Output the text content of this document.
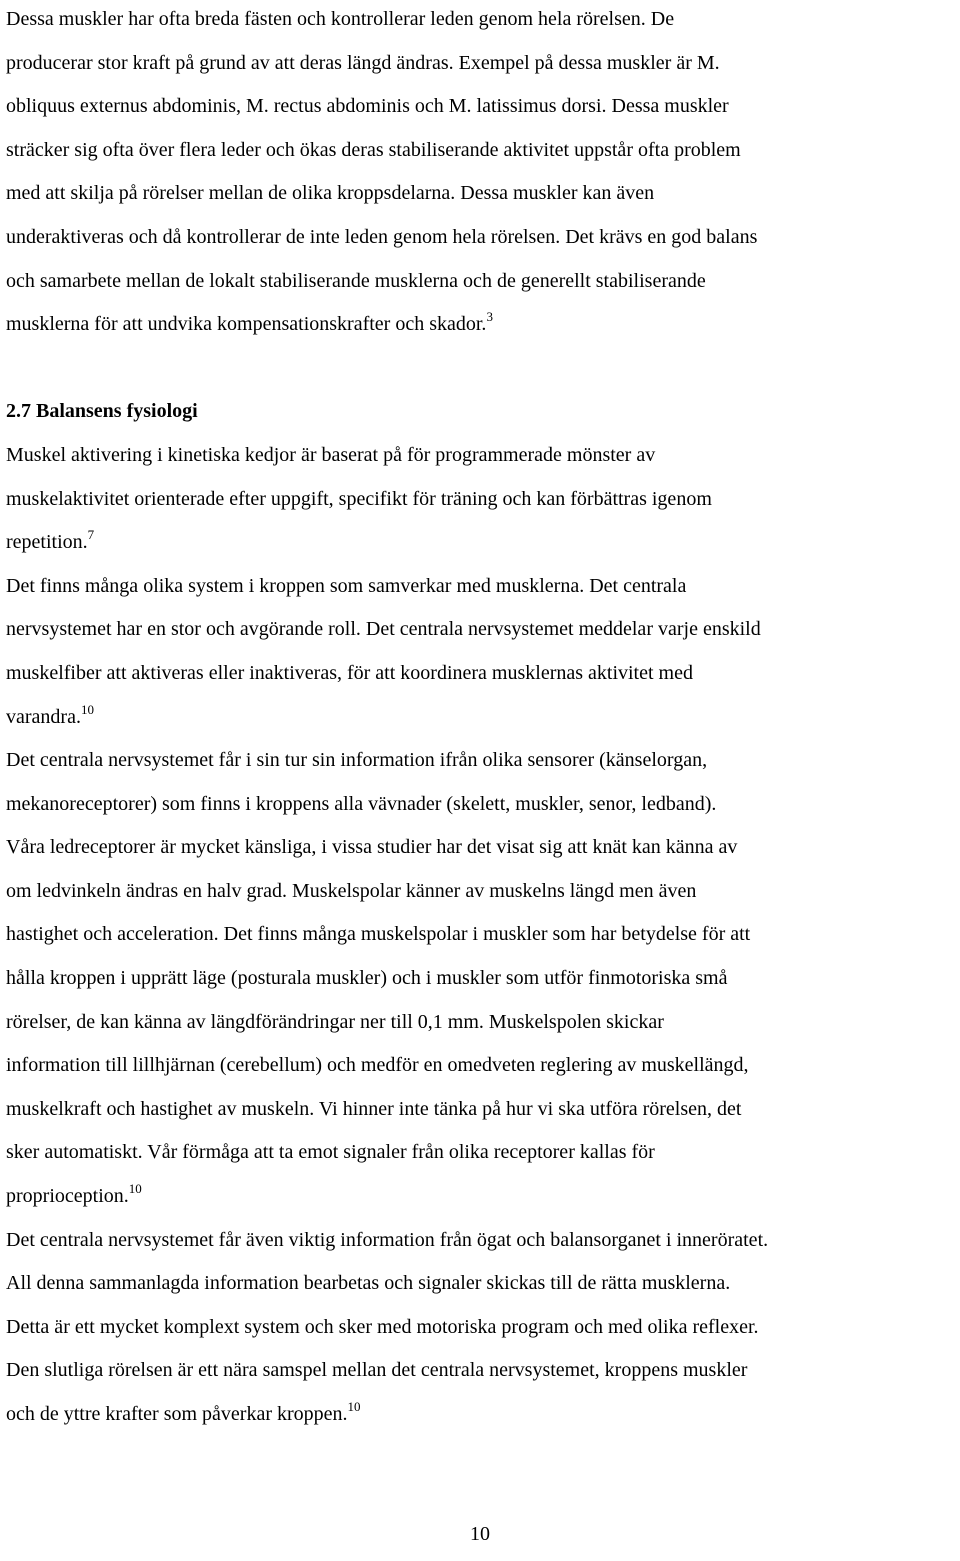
Dessa muskler har ofta breda fästen och kontrollerar leden genom hela rörelsen. De
producerar stor kraft på grund av att deras längd ändras. Exempel på dessa muskler är M.
obliquus externus abdominis, M. rectus abdominis och M. latissimus dorsi. Dessa muskler
sträcker sig ofta över flera leder och ökas deras stabiliserande aktivitet uppstår ofta problem
med att skilja på rörelser mellan de olika kroppsdelarna. Dessa muskler kan även
underaktiveras och då kontrollerar de inte leden genom hela rörelsen. Det krävs en god balans
och samarbete mellan de lokalt stabiliserande musklerna och de generellt stabiliserande
musklerna för att undvika kompensationskrafter och skador.$^3$

2.7 Balansens fysiologi

Muskel aktivering i kinetiska kedjor är baserat på för programmerade mönster av
muskelaktivitet orienterade efter uppgift, specifikt för träning och kan förbättras igenom
repetition.$^7$

Det finns många olika system i kroppen som samverkar med musklerna. Det centrala
nervsystemet har en stor och avgörande roll. Det centrala nervsystemet meddelar varje enskild
muskelfiber att aktiveras eller inaktiveras, för att koordinera musklernas aktivitet med
varandra.$^{10}$

Det centrala nervsystemet får i sin tur sin information ifrån olika sensorer (känselorgan,
mekanoreceptorer) som finns i kroppens alla vävnader (skelett, muskler, senor, ledband).
Våra ledreceptorer är mycket känsliga, i vissa studier har det visat sig att knät kan känna av
om ledvinkeln ändras en halv grad. Muskelspolar känner av muskelns längd men även
hastighet och acceleration. Det finns många muskelspolar i muskler som har betydelse för att
hålla kroppen i upprätt läge (posturala muskler) och i muskler som utför finmotoriska små
rörelser, de kan känna av längdförändringar ner till 0,1 mm. Muskelspolen skickar
information till lillhjärnan (cerebellum) och medför en omedveten reglering av muskellängd,
muskelkraft och hastighet av muskeln. Vi hinner inte tänka på hur vi ska utföra rörelsen, det
sker automatiskt. Vår förmåga att ta emot signaler från olika receptorer kallas för
proprioception.$^{10}$

Det centrala nervsystemet får även viktig information från ögat och balansorganet i inneröratet.
All denna sammanlagda information bearbetas och signaler skickas till de rätta musklerna.
Detta är ett mycket komplext system och sker med motoriska program och med olika reflexer.
Den slutliga rörelsen är ett nära samspel mellan det centrala nervsystemet, kroppens muskler
och de yttre krafter som påverkar kroppen.$^{10}$

10
